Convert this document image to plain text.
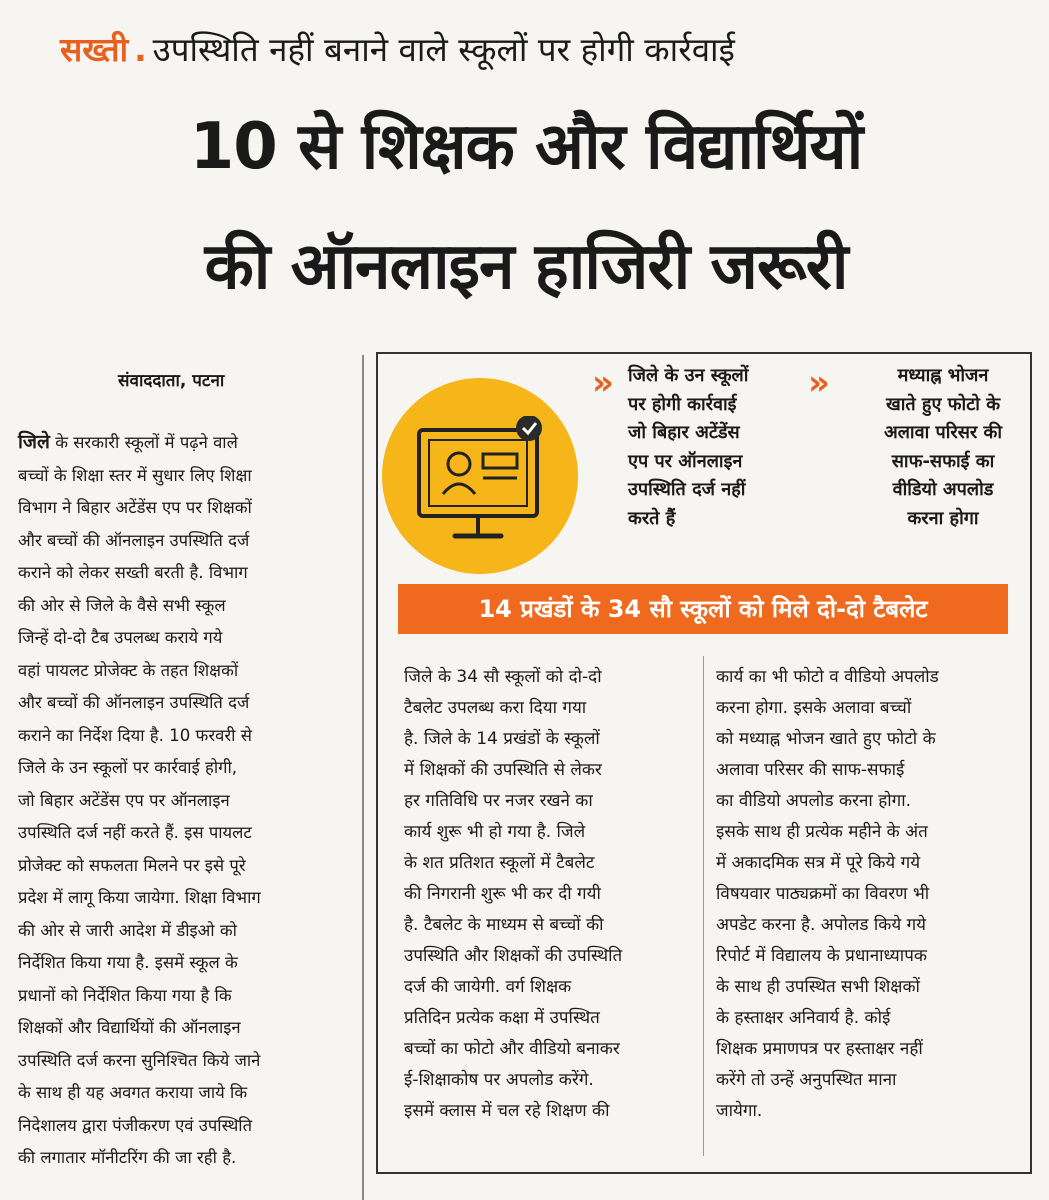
सख्ती . उपस्थिति नहीं बनाने वाले स्कूलों पर होगी कार्रवाई
10 से शिक्षक और विद्यार्थियों
की ऑनलाइन हाजिरी जरूरी
संवाददाता, पटना
जिले के सरकारी स्कूलों में पढ़ने वाले
बच्चों के शिक्षा स्तर में सुधार लिए शिक्षा
विभाग ने बिहार अटेंडेंस एप पर शिक्षकों
और बच्चों की ऑनलाइन उपस्थिति दर्ज
कराने को लेकर सख्ती बरती है. विभाग
की ओर से जिले के वैसे सभी स्कूल
जिन्हें दो-दो टैब उपलब्ध कराये गये
वहां पायलट प्रोजेक्ट के तहत शिक्षकों
और बच्चों की ऑनलाइन उपस्थिति दर्ज
कराने का निर्देश दिया है. 10 फरवरी से
जिले के उन स्कूलों पर कार्रवाई होगी,
जो बिहार अटेंडेंस एप पर ऑनलाइन
उपस्थिति दर्ज नहीं करते हैं. इस पायलट
प्रोजेक्ट को सफलता मिलने पर इसे पूरे
प्रदेश में लागू किया जायेगा. शिक्षा विभाग
की ओर से जारी आदेश में डीइओ को
निर्देशित किया गया है. इसमें स्कूल के
प्रधानों को निर्देशित किया गया है कि
शिक्षकों और विद्यार्थियों की ऑनलाइन
उपस्थिति दर्ज करना सुनिश्चित किये जाने
के साथ ही यह अवगत कराया जाये कि
निदेशालय द्वारा पंजीकरण एवं उपस्थिति
की लगातार मॉनीटरिंग की जा रही है.
» जिले के उन स्कूलों
पर होगी कार्रवाई
जो बिहार अटेंडेंस
एप पर ऑनलाइन
उपस्थिति दर्ज नहीं
करते हैं
»	मध्याह्न भोजन
खाते हुए फोटो के
अलावा परिसर की
साफ-सफाई का
वीडियो अपलोड
करना होगा
14 प्रखंडों के 34 सौ स्कूलों को मिले दो-दो टैबलेट
जिले के 34 सौ स्कूलों को दो-दो
टैबलेट उपलब्ध करा दिया गया
है. जिले के 14 प्रखंडों के स्कूलों
में शिक्षकों की उपस्थिति से लेकर
हर गतिविधि पर नजर रखने का
कार्य शुरू भी हो गया है. जिले
के शत प्रतिशत स्कूलों में टैबलेट
की निगरानी शुरू भी कर दी गयी
है. टैबलेट के माध्यम से बच्चों की
उपस्थिति और शिक्षकों की उपस्थिति
दर्ज की जायेगी. वर्ग शिक्षक
प्रतिदिन प्रत्येक कक्षा में उपस्थित
बच्चों का फोटो और वीडियो बनाकर
ई-शिक्षाकोष पर अपलोड करेंगे.
इसमें क्लास में चल रहे शिक्षण की
कार्य का भी फोटो व वीडियो अपलोड
करना होगा. इसके अलावा बच्चों
को मध्याह्न भोजन खाते हुए फोटो के
अलावा परिसर की साफ-सफाई
का वीडियो अपलोड करना होगा.
इसके साथ ही प्रत्येक महीने के अंत
में अकादमिक सत्र में पूरे किये गये
विषयवार पाठ्यक्रमों का विवरण भी
अपडेट करना है. अपोलड किये गये
रिपोर्ट में विद्यालय के प्रधानाध्यापक
के साथ ही उपस्थित सभी शिक्षकों
के हस्ताक्षर अनिवार्य है. कोई
शिक्षक प्रमाणपत्र पर हस्ताक्षर नहीं
करेंगे तो उन्हें अनुपस्थित माना
जायेगा.
